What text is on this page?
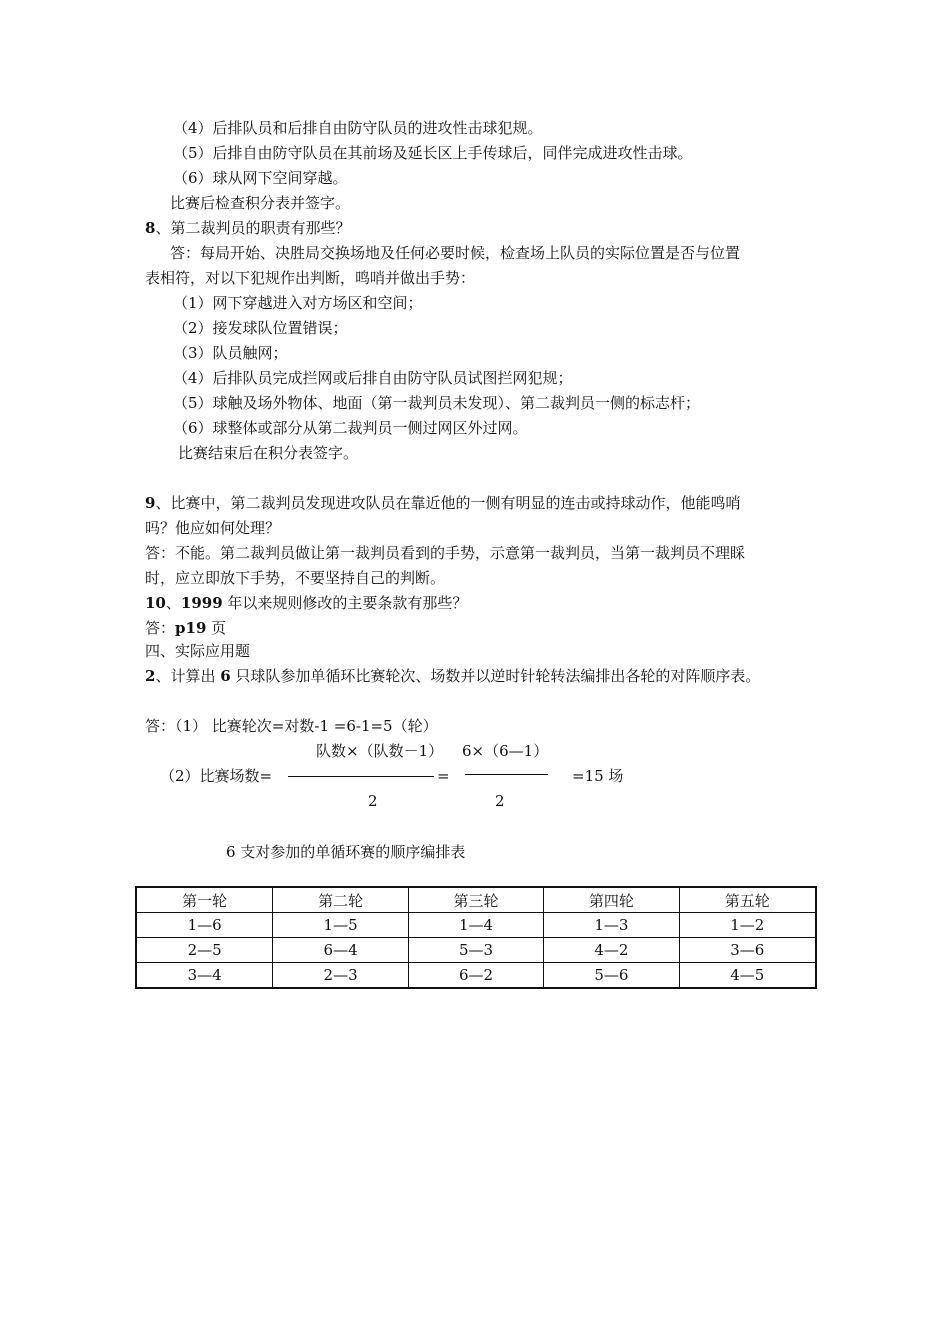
（4）后排队员和后排自由防守队员的进攻性击球犯规。
（5）后排自由防守队员在其前场及延长区上手传球后，同伴完成进攻性击球。
（6）球从网下空间穿越。
比赛后检查积分表并签字。
8、第二裁判员的职责有那些？
答：每局开始、决胜局交换场地及任何必要时候，检查场上队员的实际位置是否与位置
表相符，对以下犯规作出判断，鸣哨并做出手势：
（1）网下穿越进入对方场区和空间；
（2）接发球队位置错误；
（3）队员触网；
（4）后排队员完成拦网或后排自由防守队员试图拦网犯规；
（5）球触及场外物体、地面（第一裁判员未发现）、第二裁判员一侧的标志杆；
（6）球整体或部分从第二裁判员一侧过网区外过网。
比赛结束后在积分表签字。
9、比赛中，第二裁判员发现进攻队员在靠近他的一侧有明显的连击或持球动作，他能鸣哨
吗？他应如何处理？
答：不能。第二裁判员做让第一裁判员看到的手势，示意第一裁判员，当第一裁判员不理睬
时，应立即放下手势，不要坚持自己的判断。
10、1999 年以来规则修改的主要条款有那些？
答：p19 页
四、实际应用题
2、计算出 6 只球队参加单循环比赛轮次、场数并以逆时针轮转法编排出各轮的对阵顺序表。
答：（1） 比赛轮次=对数-1 =6-1=5（轮）
队数×（队数－1） 6×（6—1）
（2）比赛场数=	=	=15 场
2	2
6 支对参加的单循环赛的顺序编排表
第一轮	第二轮	第三轮	第四轮	第五轮
1—6	1—5	1—4	1—3	1—2
2—5	6—4	5—3	4—2	3—6
3—4	2—3	6—2	5—6	4—5
